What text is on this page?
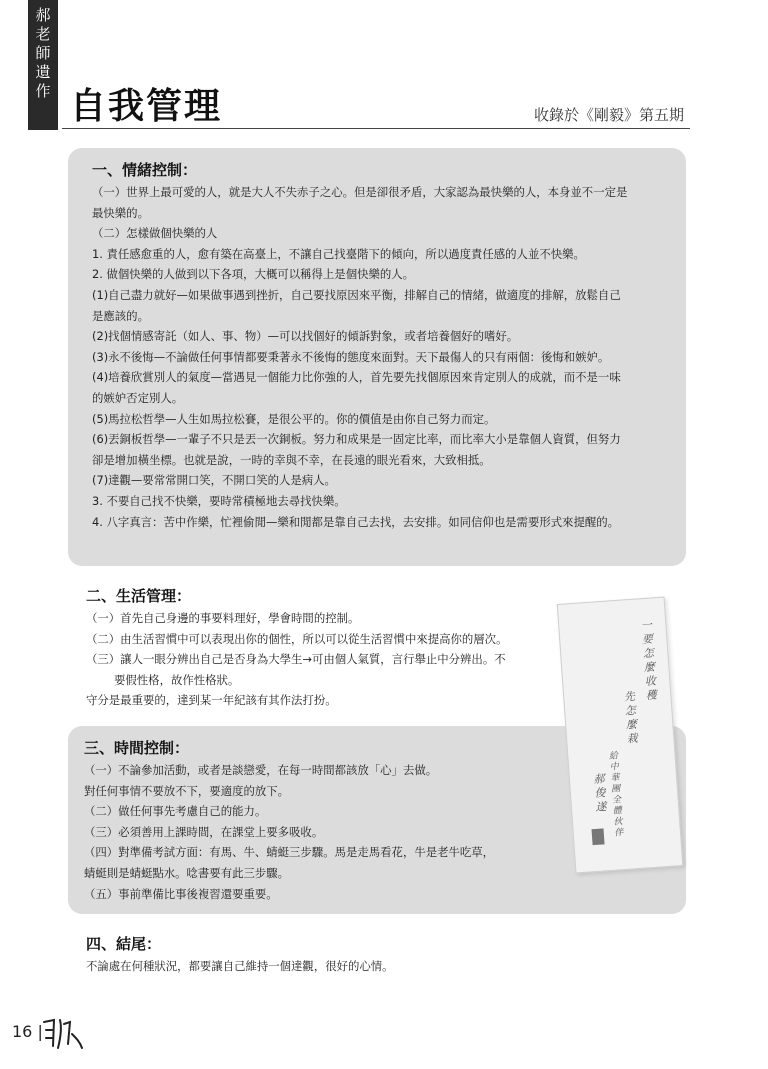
郝
老
師
遺
作 自我管理	收錄於《剛毅》第五期
一、情緒控制：
（一）世界上最可愛的人，就是大人不失赤子之心。但是卻很矛盾，大家認為最快樂的人，本身並不一定是
最快樂的。
（二）怎樣做個快樂的人
1. 責任感愈重的人，愈有築在高臺上，不讓自己找臺階下的傾向，所以過度責任感的人並不快樂。
2. 做個快樂的人做到以下各項，大概可以稱得上是個快樂的人。
(1)自己盡力就好—如果做事遇到挫折，自己要找原因來平衡，排解自己的情緒，做適度的排解，放鬆自己
是應該的。
(2)找個情感寄託（如人、事、物）—可以找個好的傾訴對象，或者培養個好的嗜好。
(3)永不後悔—不論做任何事情都要秉著永不後悔的態度來面對。天下最傷人的只有兩個：後悔和嫉妒。
(4)培養欣賞別人的氣度—當遇見一個能力比你強的人，首先要先找個原因來肯定別人的成就，而不是一味
的嫉妒否定別人。
(5)馬拉松哲學—人生如馬拉松賽，是很公平的。你的價值是由你自己努力而定。
(6)丟銅板哲學—一輩子不只是丟一次銅板。努力和成果是一固定比率，而比率大小是靠個人資質，但努力
卻是增加橫坐標。也就是說，一時的幸與不幸，在長遠的眼光看來，大致相抵。
(7)達觀—要常常開口笑，不開口笑的人是病人。
3. 不要自己找不快樂，要時常積極地去尋找快樂。
4. 八字真言：苦中作樂，忙裡偷閒—樂和閒都是靠自己去找，去安排。如同信仰也是需要形式來提醒的。
二、生活管理：
（一）首先自己身邊的事要料理好，學會時間的控制。
（二）由生活習慣中可以表現出你的個性，所以可以從生活習慣中來提高你的層次。
（三）讓人一眼分辨出自己是否身為大學生→可由個人氣質，言行舉止中分辨出。不
要假性格，故作性格狀。
守分是最重要的，達到某一年紀該有其作法打扮。
一要怎麼收穫
先怎麼栽
給中華團全體伙伴
郝俊遂
三、時間控制：
（一）不論參加活動，或者是談戀愛，在每一時間都該放「心」去做。
對任何事情不要放不下，要適度的放下。
（二）做任何事先考慮自己的能力。
（三）必須善用上課時間，在課堂上要多吸收。
（四）對準備考試方面：有馬、牛、蜻蜓三步驟。馬是走馬看花，牛是老牛吃草，
蜻蜓則是蜻蜓點水。唸書要有此三步驟。
（五）事前準備比事後複習還要重要。
四、結尾：
不論處在何種狀況，都要讓自己維持一個達觀，很好的心情。
16 |
